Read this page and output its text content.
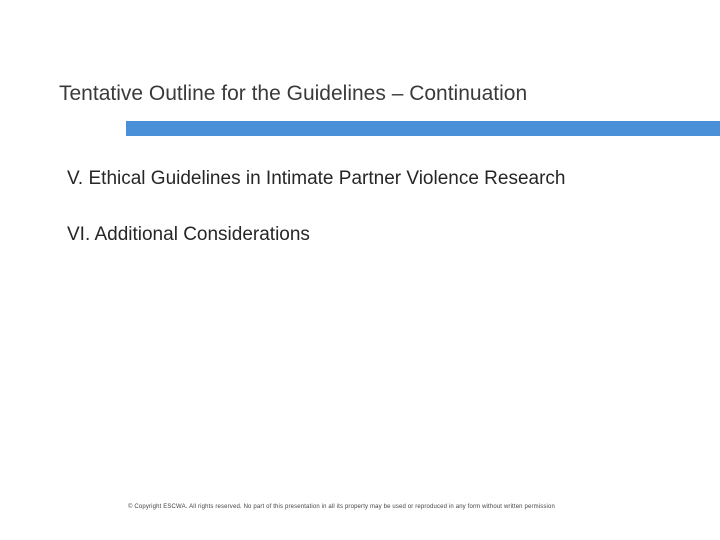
Tentative Outline for the Guidelines – Continuation
V. Ethical Guidelines in Intimate Partner Violence Research
VI. Additional Considerations
© Copyright ESCWA. All rights reserved. No part of this presentation in all its property may be used or reproduced in any form without written permission
